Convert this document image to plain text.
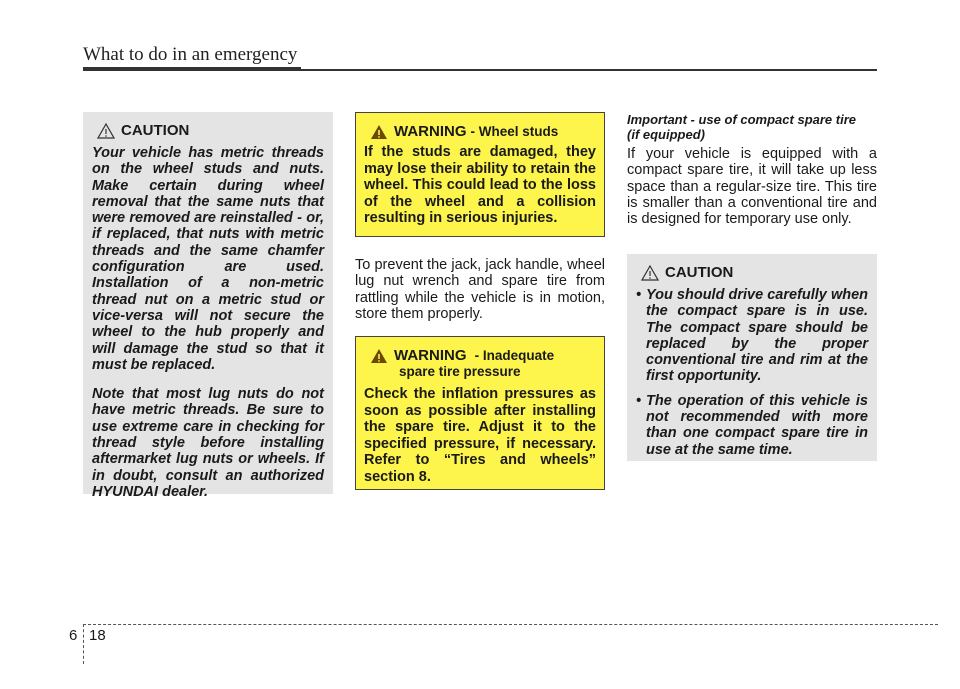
What to do in an emergency
CAUTION

Your vehicle has metric threads on the wheel studs and nuts. Make certain during wheel removal that the same nuts that were removed are reinstalled - or, if replaced, that nuts with metric threads and the same chamfer configuration are used. Installation of a non-metric thread nut on a metric stud or vice-versa will not secure the wheel to the hub properly and will damage the stud so that it must be replaced.

Note that most lug nuts do not have metric threads. Be sure to use extreme care in checking for thread style before installing aftermarket lug nuts or wheels. If in doubt, consult an authorized HYUNDAI dealer.

WARNING - Wheel studs

If the studs are damaged, they may lose their ability to retain the wheel. This could lead to the loss of the wheel and a collision resulting in serious injuries.

To prevent the jack, jack handle, wheel lug nut wrench and spare tire from rattling while the vehicle is in motion, store them properly.

WARNING - Inadequate
spare tire pressure

Check the inflation pressures as soon as possible after installing the spare tire. Adjust it to the specified pressure, if necessary. Refer to “Tires and wheels” section 8.

Important - use of compact spare tire

(if equipped)

If your vehicle is equipped with a compact spare tire, it will take up less space than a regular-size tire. This tire is smaller than a conventional tire and is designed for temporary use only.

CAUTION
• You should drive carefully when the compact spare is in use. The compact spare should be replaced by the proper conventional tire and rim at the first opportunity.
• The operation of this vehicle is not recommended with more than one compact spare tire in use at the same time.
6 18
